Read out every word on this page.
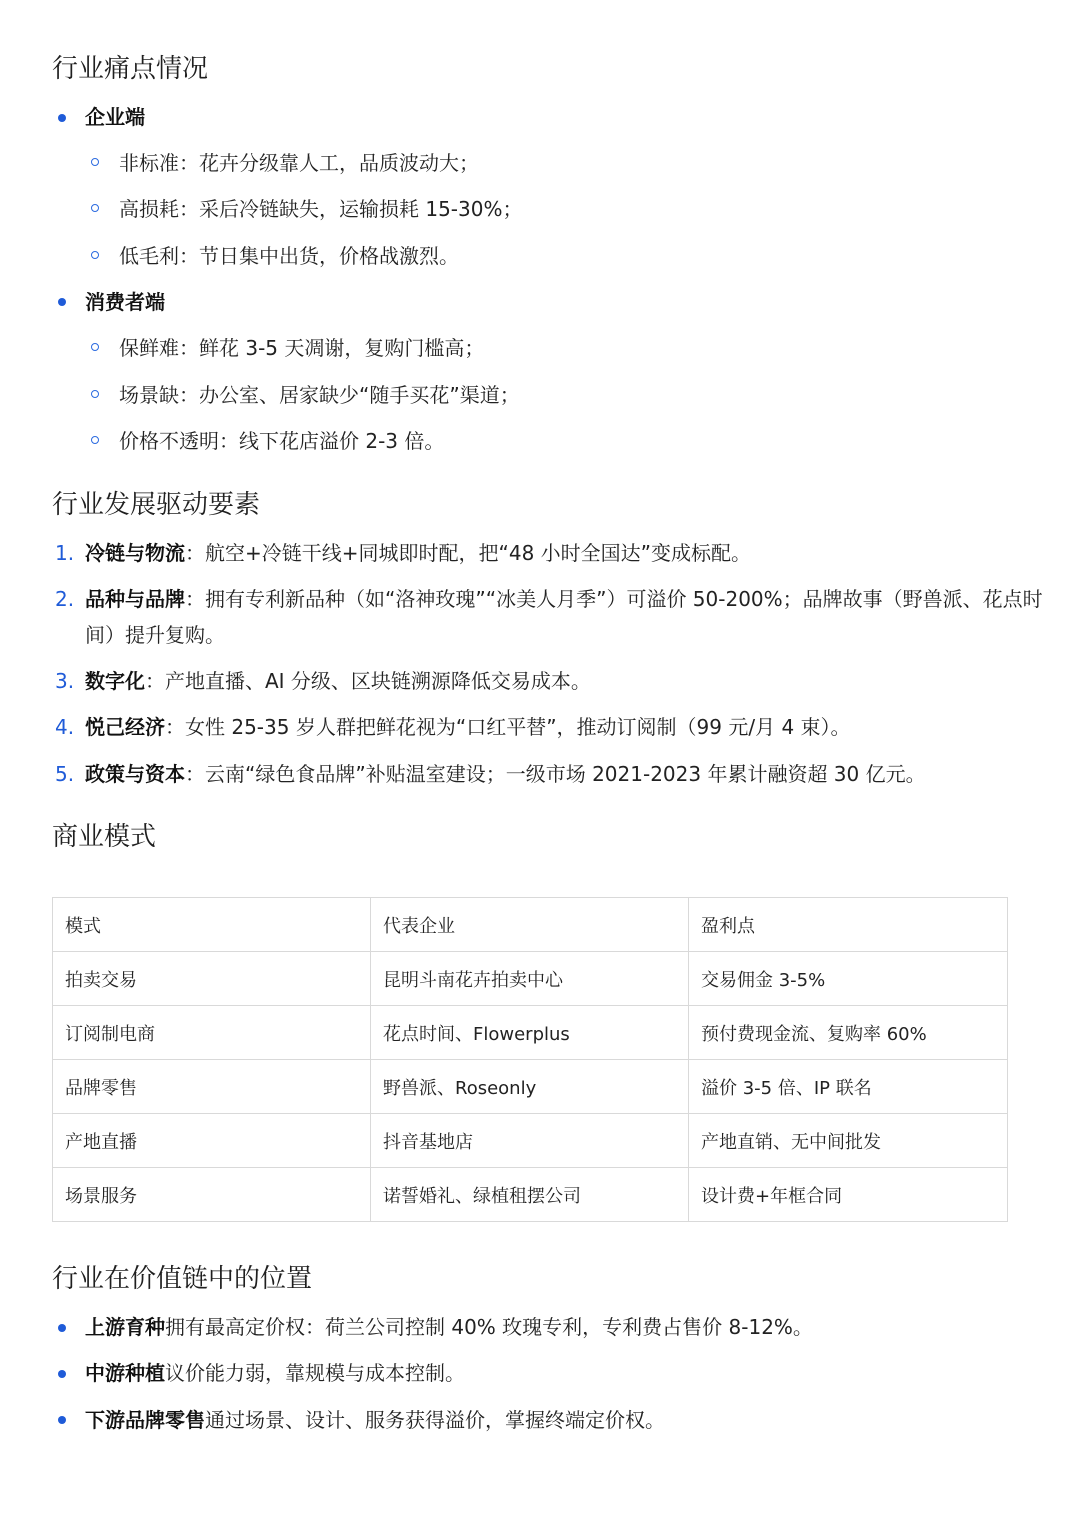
行业痛点情况
企业端
非标准：花卉分级靠人工，品质波动大；
高损耗：采后冷链缺失，运输损耗 15-30%；
低毛利：节日集中出货，价格战激烈。
消费者端
保鲜难：鲜花 3-5 天凋谢，复购门槛高；
场景缺：办公室、居家缺少“随手买花”渠道；
价格不透明：线下花店溢价 2-3 倍。
行业发展驱动要素
1. 冷链与物流：航空+冷链干线+同城即时配，把“48 小时全国达”变成标配。
2. 品种与品牌：拥有专利新品种（如“洛神玫瑰”“冰美人月季”）可溢价 50-200%；品牌故事（野兽派、花点时间）提升复购。
3. 数字化：产地直播、AI 分级、区块链溯源降低交易成本。
4. 悦己经济：女性 25-35 岁人群把鲜花视为“口红平替”，推动订阅制（99 元/月 4 束）。
5. 政策与资本：云南“绿色食品牌”补贴温室建设；一级市场 2021-2023 年累计融资超 30 亿元。
商业模式
模式	代表企业	盈利点
拍卖交易	昆明斗南花卉拍卖中心	交易佣金 3-5%
订阅制电商	花点时间、Flowerplus	预付费现金流、复购率 60%
品牌零售	野兽派、Roseonly	溢价 3-5 倍、IP 联名
产地直播	抖音基地店	产地直销、无中间批发
场景服务	诺誓婚礼、绿植租摆公司	设计费+年框合同
行业在价值链中的位置
上游育种拥有最高定价权：荷兰公司控制 40% 玫瑰专利，专利费占售价 8-12%。
中游种植议价能力弱，靠规模与成本控制。
下游品牌零售通过场景、设计、服务获得溢价，掌握终端定价权。
